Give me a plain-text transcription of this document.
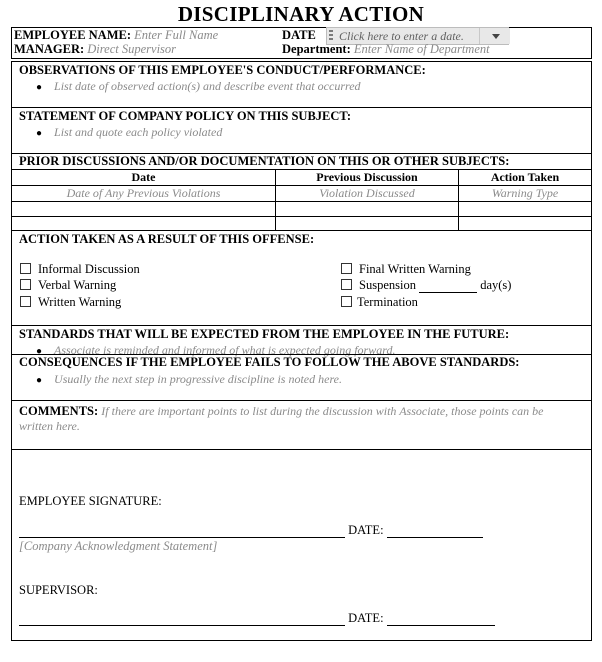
DISCIPLINARY ACTION
EMPLOYEE NAME: Enter Full Name
MANAGER: Direct Supervisor
DATE Click here to enter a date.
Department: Enter Name of Department
OBSERVATIONS OF THIS EMPLOYEE'S CONDUCT/PERFORMANCE:
● List date of observed action(s) and describe event that occurred
STATEMENT OF COMPANY POLICY ON THIS SUBJECT:
● List and quote each policy violated
PRIOR DISCUSSIONS AND/OR DOCUMENTATION ON THIS OR OTHER SUBJECTS:
Date	Previous Discussion	Action Taken
Date of Any Previous Violations	Violation Discussed	Warning Type

ACTION TAKEN AS A RESULT OF THIS OFFENSE:
Informal Discussion
Verbal Warning
Written Warning
Final Written Warning
Suspension	day(s)
Termination
STANDARDS THAT WILL BE EXPECTED FROM THE EMPLOYEE IN THE FUTURE:
● Associate is reminded and informed of what is expected going forward.
CONSEQUENCES IF THE EMPLOYEE FAILS TO FOLLOW THE ABOVE STANDARDS:
● Usually the next step in progressive discipline is noted here.
COMMENTS: If there are important points to list during the discussion with Associate, those points can be
written here.
EMPLOYEE SIGNATURE:
DATE:
[Company Acknowledgment Statement]
SUPERVISOR:
DATE:
